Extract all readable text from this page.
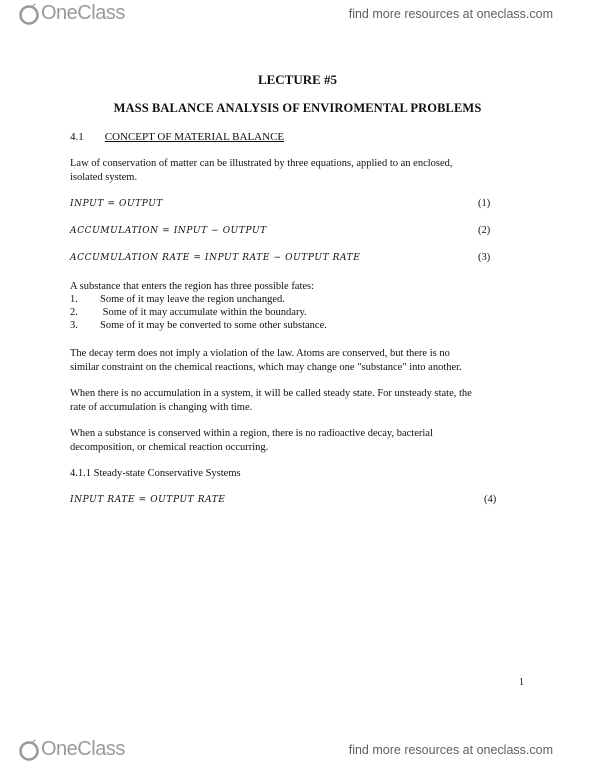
OneClass	find more resources at oneclass.com
LECTURE #5
MASS BALANCE ANALYSIS OF ENVIROMENTAL PROBLEMS
4.1 CONCEPT OF MATERIAL BALANCE
Law of conservation of matter can be illustrated by three equations, applied to an enclosed,
isolated system.
INPUT = OUTPUT	(1)
ACCUMULATION = INPUT − OUTPUT	(2)
ACCUMULATION RATE = INPUT RATE − OUTPUT RATE	(3)
A substance that enters the region has three possible fates:
1. Some of it may leave the region unchanged.
2. Some of it may accumulate within the boundary.
3. Some of it may be converted to some other substance.
The decay term does not imply a violation of the law. Atoms are conserved, but there is no
similar constraint on the chemical reactions, which may change one "substance" into another.
When there is no accumulation in a system, it will be called steady state. For unsteady state, the
rate of accumulation is changing with time.
When a substance is conserved within a region, there is no radioactive decay, bacterial
decomposition, or chemical reaction occurring.
4.1.1 Steady-state Conservative Systems
INPUT RATE = OUTPUT RATE	(4)
1
OneClass	find more resources at oneclass.com
